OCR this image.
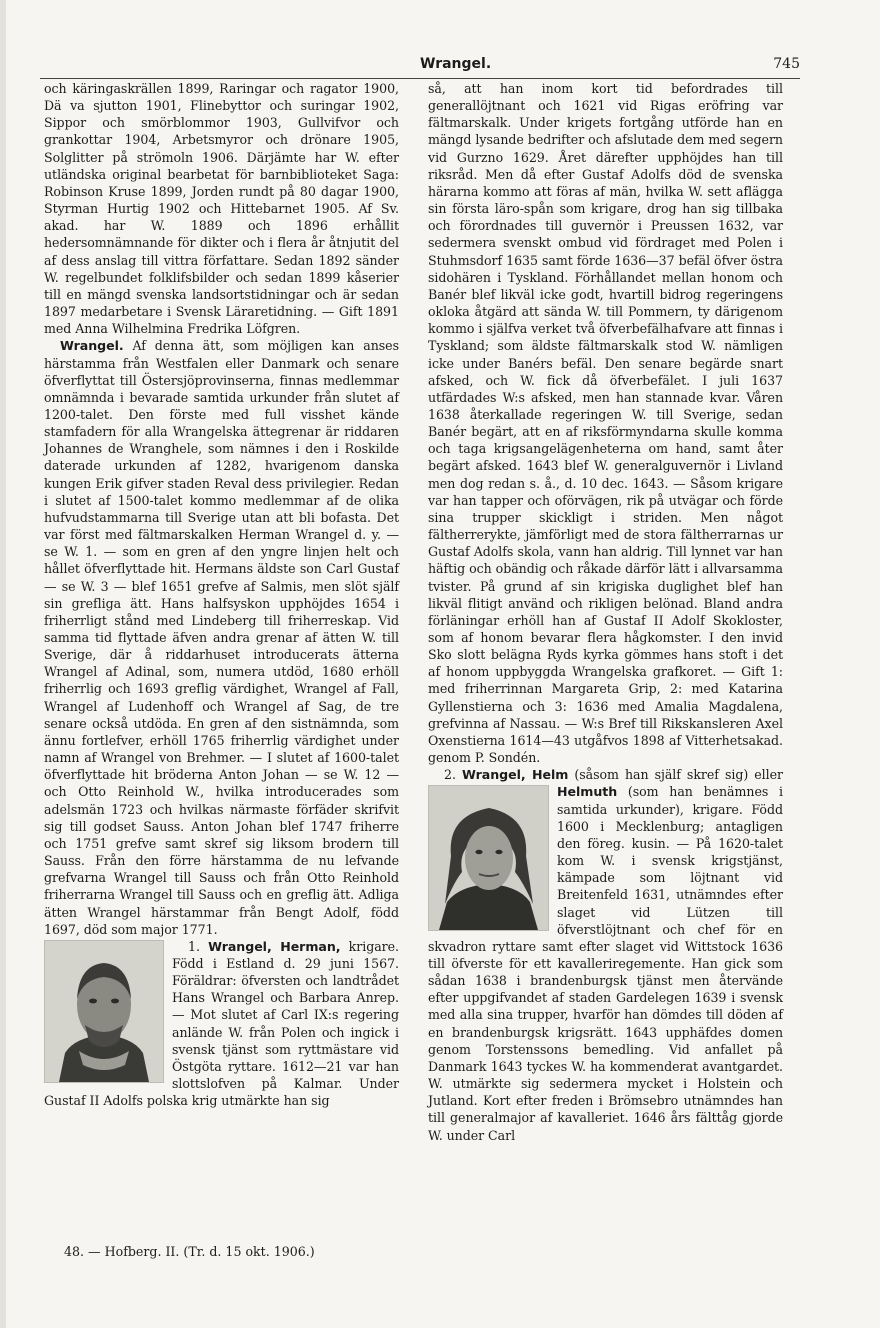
Wrangel.	745

och käringaskrällen 1899, Raringar och ragator 1900, Dä va sjutton 1901, Flinebyttor och suringar 1902, Sippor och smörblommor 1903, Gullvifvor och grankottar 1904, Arbetsmyror och drönare 1905, Solglitter på strömoln 1906. Därjämte har W. efter utländska original bearbetat för barnbiblioteket Saga: Robinson Kruse 1899, Jorden rundt på 80 dagar 1900, Styrman Hurtig 1902 och Hittebarnet 1905. Af Sv. akad. har W. 1889 och 1896 erhållit hedersomnämnande för dikter och i flera år åtnjutit del af dess anslag till vittra författare. Sedan 1892 sänder W. regelbundet folklifsbilder och sedan 1899 kåserier till en mängd svenska landsortstidningar och är sedan 1897 medarbetare i Svensk Läraretidning. — Gift 1891 med Anna Wilhelmina Fredrika Löfgren.

Wrangel. Af denna ätt, som möjligen kan anses härstamma från Westfalen eller Danmark och senare öfverflyttat till Östersjöprovinserna, finnas medlemmar omnämnda i bevarade samtida urkunder från slutet af 1200-talet. Den förste med full visshet kände stamfadern för alla Wrangelska ättegrenar är riddaren Johannes de Wranghele, som nämnes i den i Roskilde daterade urkunden af 1282, hvarigenom danska kungen Erik gifver staden Reval dess privilegier. Redan i slutet af 1500-talet kommo medlemmar af de olika hufvudstammarna till Sverige utan att bli bofasta. Det var först med fältmarskalken Herman Wrangel d. y. — se W. 1. — som en gren af den yngre linjen helt och hållet öfverflyttade hit. Hermans äldste son Carl Gustaf — se W. 3 — blef 1651 grefve af Salmis, men slöt själf sin grefliga ätt. Hans halfsyskon upphöjdes 1654 i friherrligt stånd med Lindeberg till friherreskap. Vid samma tid flyttade äfven andra grenar af ätten W. till Sverige, där å riddarhuset introducerats ätterna Wrangel af Adinal, som, numera utdöd, 1680 erhöll friherrlig och 1693 greflig värdighet, Wrangel af Fall, Wrangel af Ludenhoff och Wrangel af Sag, de tre senare också utdöda. En gren af den sistnämnda, som ännu fortlefver, erhöll 1765 friherrlig värdighet under namn af Wrangel von Brehmer. — I slutet af 1600-talet öfverflyttade hit bröderna Anton Johan — se W. 12 — och Otto Reinhold W., hvilka introducerades som adelsmän 1723 och hvilkas närmaste förfäder skrifvit sig till godset Sauss. Anton Johan blef 1747 friherre och 1751 grefve samt skref sig liksom brodern till Sauss. Från den förre härstamma de nu lefvande grefvarna Wrangel till Sauss och från Otto Reinhold friherrarna Wrangel till Sauss och en greflig ätt. Adliga ätten Wrangel härstammar från Bengt Adolf, född 1697, död som major 1771.

1. Wrangel, Herman, krigare. Född i Estland d. 29 juni 1567. Föräldrar: öfversten och landtrådet Hans Wrangel och Barbara Anrep. — Mot slutet af Carl IX:s regering anlände W. från Polen och ingick i svensk tjänst som ryttmästare vid Östgöta ryttare. 1612—21 var han slottslofven på Kalmar. Under Gustaf II Adolfs polska krig utmärkte han sig

så, att han inom kort tid befordrades till generallöjtnant och 1621 vid Rigas eröfring var fältmarskalk. Under krigets fortgång utförde han en mängd lysande bedrifter och afslutade dem med segern vid Gurzno 1629. Året därefter upphöjdes han till riksråd. Men då efter Gustaf Adolfs död de svenska härarna kommo att föras af män, hvilka W. sett aflägga sin första läro-spån som krigare, drog han sig tillbaka och förordnades till guvernör i Preussen 1632, var sedermera svenskt ombud vid fördraget med Polen i Stuhmsdorf 1635 samt förde 1636—37 befäl öfver östra sidohären i Tyskland. Förhållandet mellan honom och Banér blef likväl icke godt, hvartill bidrog regeringens okloka åtgärd att sända W. till Pommern, ty därigenom kommo i själfva verket två öfverbefälhafvare att finnas i Tyskland; som äldste fältmarskalk stod W. nämligen icke under Banérs befäl. Den senare begärde snart afsked, och W. fick då öfverbefälet. I juli 1637 utfärdades W:s afsked, men han stannade kvar. Våren 1638 återkallade regeringen W. till Sverige, sedan Banér begärt, att en af riksförmyndarna skulle komma och taga krigsangelägenheterna om hand, samt åter begärt afsked. 1643 blef W. generalguvernör i Livland men dog redan s. å., d. 10 dec. 1643. — Såsom krigare var han tapper och oförvägen, rik på utvägar och förde sina trupper skickligt i striden. Men något fältherrerykte, jämförligt med de stora fältherrarnas ur Gustaf Adolfs skola, vann han aldrig. Till lynnet var han häftig och obändig och råkade därför lätt i allvarsamma tvister. På grund af sin krigiska duglighet blef han likväl flitigt använd och rikligen belönad. Bland andra förläningar erhöll han af Gustaf II Adolf Skokloster, som af honom bevarar flera hågkomster. I den invid Sko slott belägna Ryds kyrka gömmes hans stoft i det af honom uppbyggda Wrangelska grafkoret. — Gift 1: med friherrinnan Margareta Grip, 2: med Katarina Gyllenstierna och 3: 1636 med Amalia Magdalena, grefvinna af Nassau. — W:s Bref till Rikskansleren Axel Oxenstierna 1614—43 utgåfvos 1898 af Vitterhetsakad. genom P. Sondén.

2. Wrangel, Helm (såsom han själf skref sig) eller
Helmuth (som han benämnes i samtida urkunder), krigare. Född 1600 i Mecklenburg; antagligen den föreg. kusin. — På 1620-talet kom W. i svensk krigstjänst, kämpade som löjtnant vid Breitenfeld 1631, utnämndes efter slaget vid Lützen till öfverstlöjtnant och chef för en skvadron ryttare samt efter slaget vid Wittstock 1636 till öfverste för ett kavalleriregemente. Han gick som sådan 1638 i brandenburgsk tjänst men återvände efter uppgifvandet af staden Gardelegen 1639 i svensk med alla sina trupper, hvarför han dömdes till döden af en brandenburgsk krigsrätt. 1643 upphäfdes domen genom Torstenssons bemedling. Vid anfallet på Danmark 1643 tyckes W. ha kommenderat avantgardet. W. utmärkte sig sedermera mycket i Holstein och Jutland. Kort efter freden i Brömsebro utnämndes han till generalmajor af kavalleriet. 1646 års fälttåg gjorde W. under Carl

48. — Hofberg. II. (Tr. d. 15 okt. 1906.)
